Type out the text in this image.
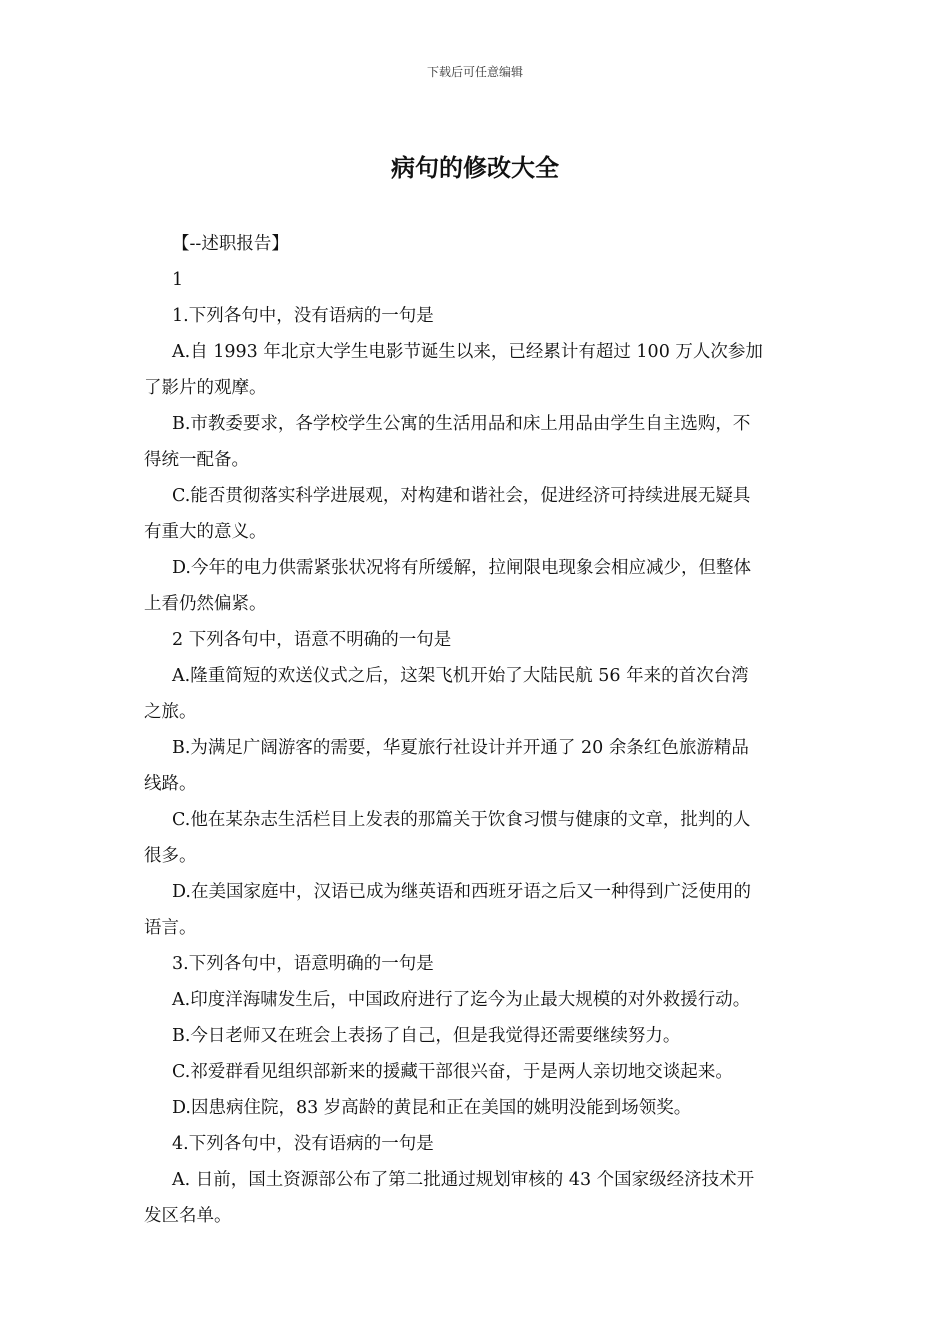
下载后可任意编辑
病句的修改大全

【--述职报告】

1

1.下列各句中，没有语病的一句是

A.自 1993 年北京大学生电影节诞生以来，已经累计有超过 100 万人次参加

了影片的观摩。

B.市教委要求，各学校学生公寓的生活用品和床上用品由学生自主选购，不

得统一配备。

C.能否贯彻落实科学进展观，对构建和谐社会，促进经济可持续进展无疑具

有重大的意义。

D.今年的电力供需紧张状况将有所缓解，拉闸限电现象会相应减少，但整体

上看仍然偏紧。

2 下列各句中，语意不明确的一句是

A.隆重简短的欢送仪式之后，这架飞机开始了大陆民航 56 年来的首次台湾

之旅。

B.为满足广阔游客的需要，华夏旅行社设计并开通了 20 余条红色旅游精品

线路。

C.他在某杂志生活栏目上发表的那篇关于饮食习惯与健康的文章，批判的人

很多。

D.在美国家庭中，汉语已成为继英语和西班牙语之后又一种得到广泛使用的

语言。

3.下列各句中，语意明确的一句是

A.印度洋海啸发生后，中国政府进行了迄今为止最大规模的对外救援行动。

B.今日老师又在班会上表扬了自己，但是我觉得还需要继续努力。

C.祁爱群看见组织部新来的援藏干部很兴奋，于是两人亲切地交谈起来。

D.因患病住院，83 岁高龄的黄昆和正在美国的姚明没能到场领奖。

4.下列各句中，没有语病的一句是

A. 日前，国土资源部公布了第二批通过规划审核的 43 个国家级经济技术开

发区名单。
